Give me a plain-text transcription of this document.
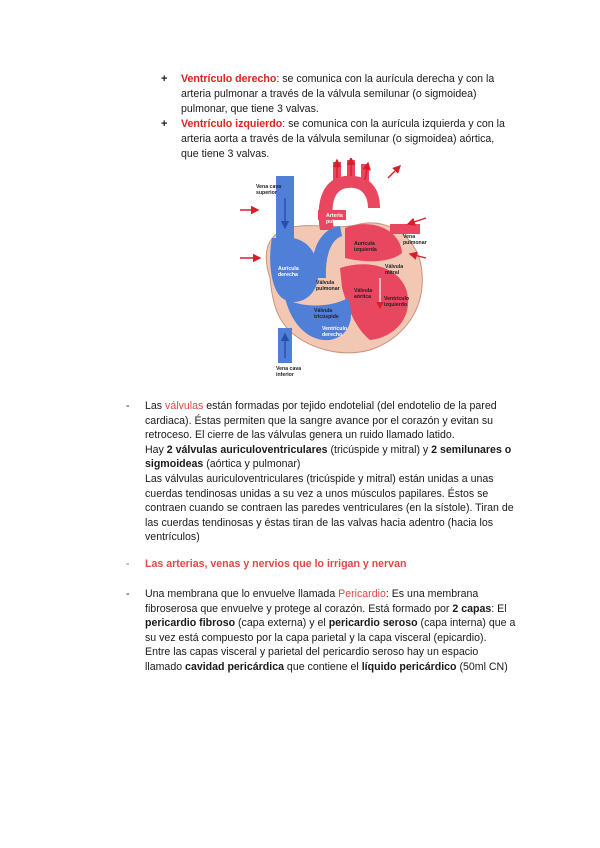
+	Ventrículo derecho: se comunica con la aurícula derecha y con la
arteria pulmonar a través de la válvula semilunar (o sigmoidea)
pulmonar, que tiene 3 valvas.
+	Ventrículo izquierdo: se comunica con la aurícula izquierda y con la
arteria aorta a través de la válvula semilunar (o sigmoidea) aórtica,
que tiene 3 valvas.
Vena cava
superior
Aorta
Arteria
pulmonar
Vena
pulmonar
Aurícula
izquierda
Aurícula
derecha
Válvula
mitral
Válvula
pulmonar	Válvula
aórtica Ventrículo
izquierdo
Válvula
tricúspide
Ventrículo
derecho
Vena cava
inferior
- Las válvulas están formadas por tejido endotelial (del endotelio de la pared
cardiaca). Éstas permiten que la sangre avance por el corazón y evitan su
retroceso. El cierre de las válvulas genera un ruido llamado latido.
Hay 2 válvulas auriculoventriculares (tricúspide y mitral) y 2 semilunares o
sigmoideas (aórtica y pulmonar)
Las válvulas auriculoventriculares (tricúspide y mitral) están unidas a unas
cuerdas tendinosas unidas a su vez a unos músculos papilares. Éstos se
contraen cuando se contraen las paredes ventriculares (en la sístole). Tiran de
las cuerdas tendinosas y éstas tiran de las valvas hacia adentro (hacia los
ventrículos)
- Las arterias, venas y nervios que lo irrigan y nervan
- Una membrana que lo envuelve llamada Pericardio: Es una membrana
fibroserosa que envuelve y protege al corazón. Está formado por 2 capas: El
pericardio fibroso (capa externa) y el pericardio seroso (capa interna) que a
su vez está compuesto por la capa parietal y la capa visceral (epicardio).
Entre las capas visceral y parietal del pericardio seroso hay un espacio
llamado cavidad pericárdica que contiene el líquido pericárdico (50ml CN)
